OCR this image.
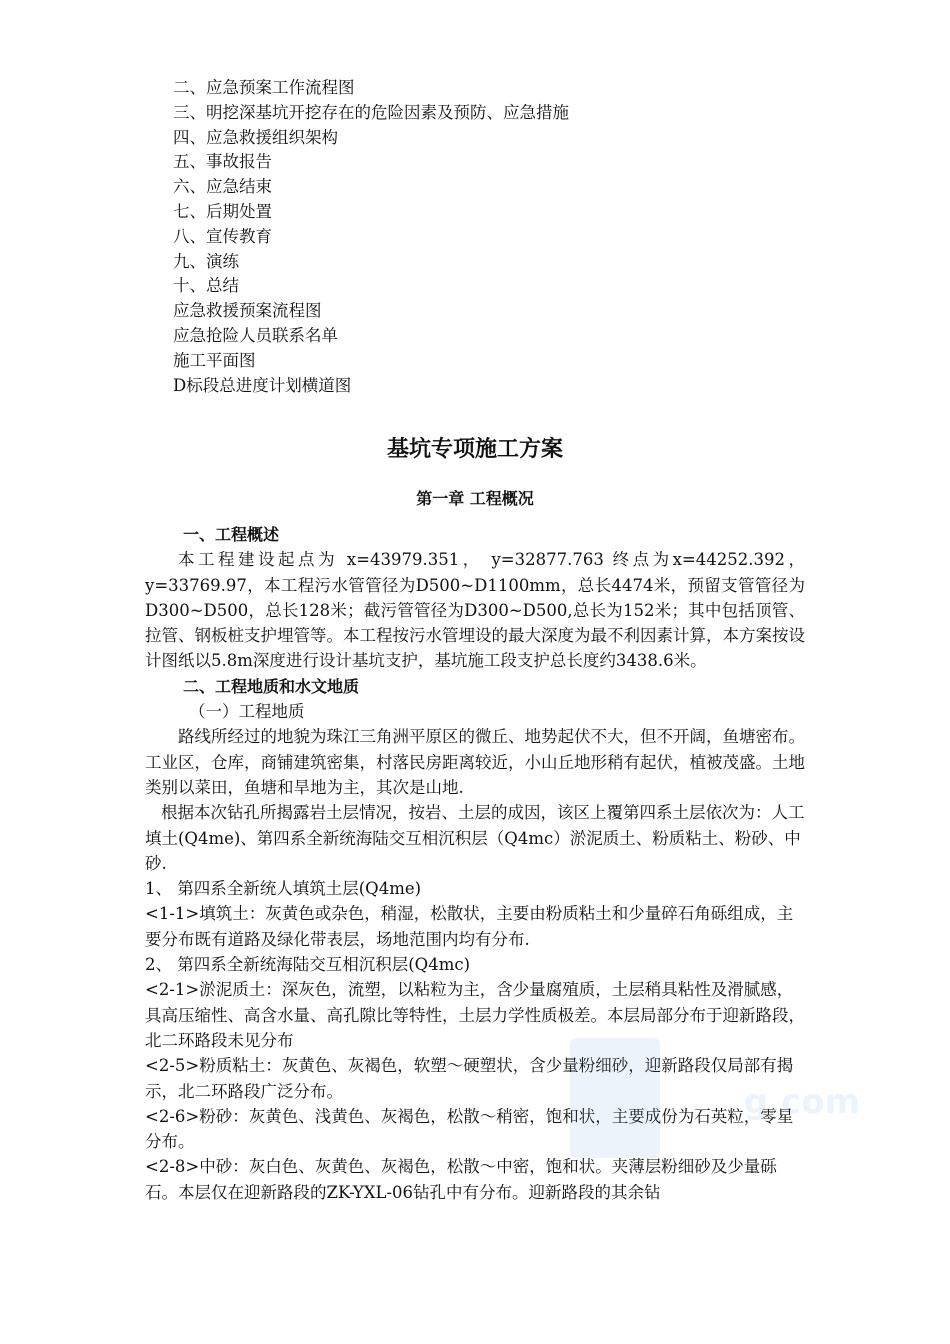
二、应急预案工作流程图
三、明挖深基坑开挖存在的危险因素及预防、应急措施
四、应急救援组织架构
五、事故报告
六、应急结束
七、后期处置
八、宣传教育
九、演练
十、总结
应急救援预案流程图
应急抢险人员联系名单
施工平面图
D标段总进度计划横道图
基坑专项施工方案
第一章 工程概况

一、工程概述

本工程建设起点为 x=43979.351， y=32877.763 终点为x=44252.392，y=33769.97，本工程污水管管径为D500~D1100mm，总长4474米，预留支管管径为D300~D500，总长128米；截污管管径为D300~D500,总长为152米；其中包括顶管、拉管、钢板桩支护埋管等。本工程按污水管埋设的最大深度为最不利因素计算，本方案按设计图纸以5.8m深度进行设计基坑支护，基坑施工段支护总长度约3438.6米。

二、工程地质和水文地质

（一）工程地质

路线所经过的地貌为珠江三角洲平原区的微丘、地势起伏不大，但不开阔，鱼塘密布。工业区，仓库，商铺建筑密集，村落民房距离较近，小山丘地形稍有起伏，植被茂盛。土地类别以菜田，鱼塘和旱地为主，其次是山地.

根据本次钻孔所揭露岩土层情况，按岩、土层的成因，该区上覆第四系土层依次为：人工填土(Q4me)、第四系全新统海陆交互相沉积层（Q4mc）淤泥质土、粉质粘土、粉砂、中砂.

1、 第四系全新统人填筑土层(Q4me)

<1-1>填筑土：灰黄色或杂色，稍湿，松散状，主要由粉质粘土和少量碎石角砾组成，主要分布既有道路及绿化带表层，场地范围内均有分布.

2、 第四系全新统海陆交互相沉积层(Q4mc)

<2-1>淤泥质土：深灰色，流塑，以粘粒为主，含少量腐殖质，土层稍具粘性及滑腻感，具高压缩性、高含水量、高孔隙比等特性，土层力学性质极差。本层局部分布于迎新路段，北二环路段未见分布

<2-5>粉质粘土：灰黄色、灰褐色，软塑～硬塑状，含少量粉细砂，迎新路段仅局部有揭示，北二环路段广泛分布。

<2-6>粉砂：灰黄色、浅黄色、灰褐色，松散～稍密，饱和状，主要成份为石英粒，零星分布。

<2-8>中砂：灰白色、灰黄色、灰褐色，松散～中密，饱和状。夹薄层粉细砂及少量砾石。本层仅在迎新路段的ZK-YXL-06钻孔中有分布。迎新路段的其余钻

g.com
